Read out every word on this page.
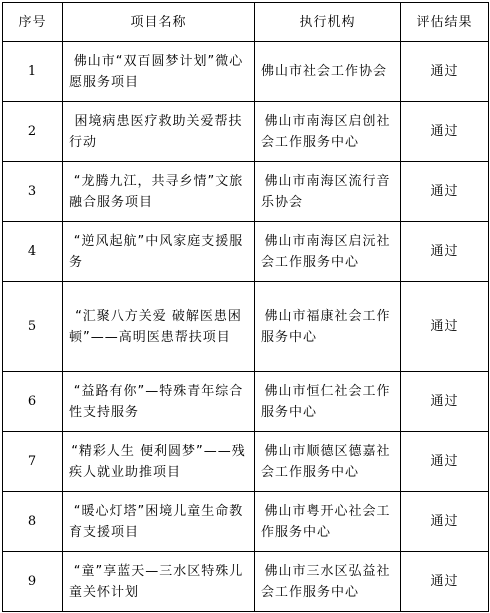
序号	项目名称	执行机构	评估结果
1	佛山市“双百圆梦计划”微心愿服务项目	佛山市社会工作协会	通过
2	困境病患医疗救助关爱帮扶行动	佛山市南海区启创社会工作服务中心	通过
3	“龙腾九江，共寻乡情”文旅融合服务项目	佛山市南海区流行音乐协会	通过
4	“逆风起航”中风家庭支援服务	佛山市南海区启沅社会工作服务中心	通过
5	“汇聚八方关爱 破解医患困顿”——高明医患帮扶项目	佛山市福康社会工作服务中心	通过
6	“益路有你”—特殊青年综合性支持服务	佛山市恒仁社会工作服务中心	通过
7	“精彩人生 便利圆梦”——残疾人就业助推项目	佛山市顺德区德嘉社会工作服务中心	通过
8	“暖心灯塔”困境儿童生命教育支援项目	佛山市粤开心社会工作服务中心	通过
9	“童”享蓝天—三水区特殊儿童关怀计划	佛山市三水区弘益社会工作服务中心	通过
